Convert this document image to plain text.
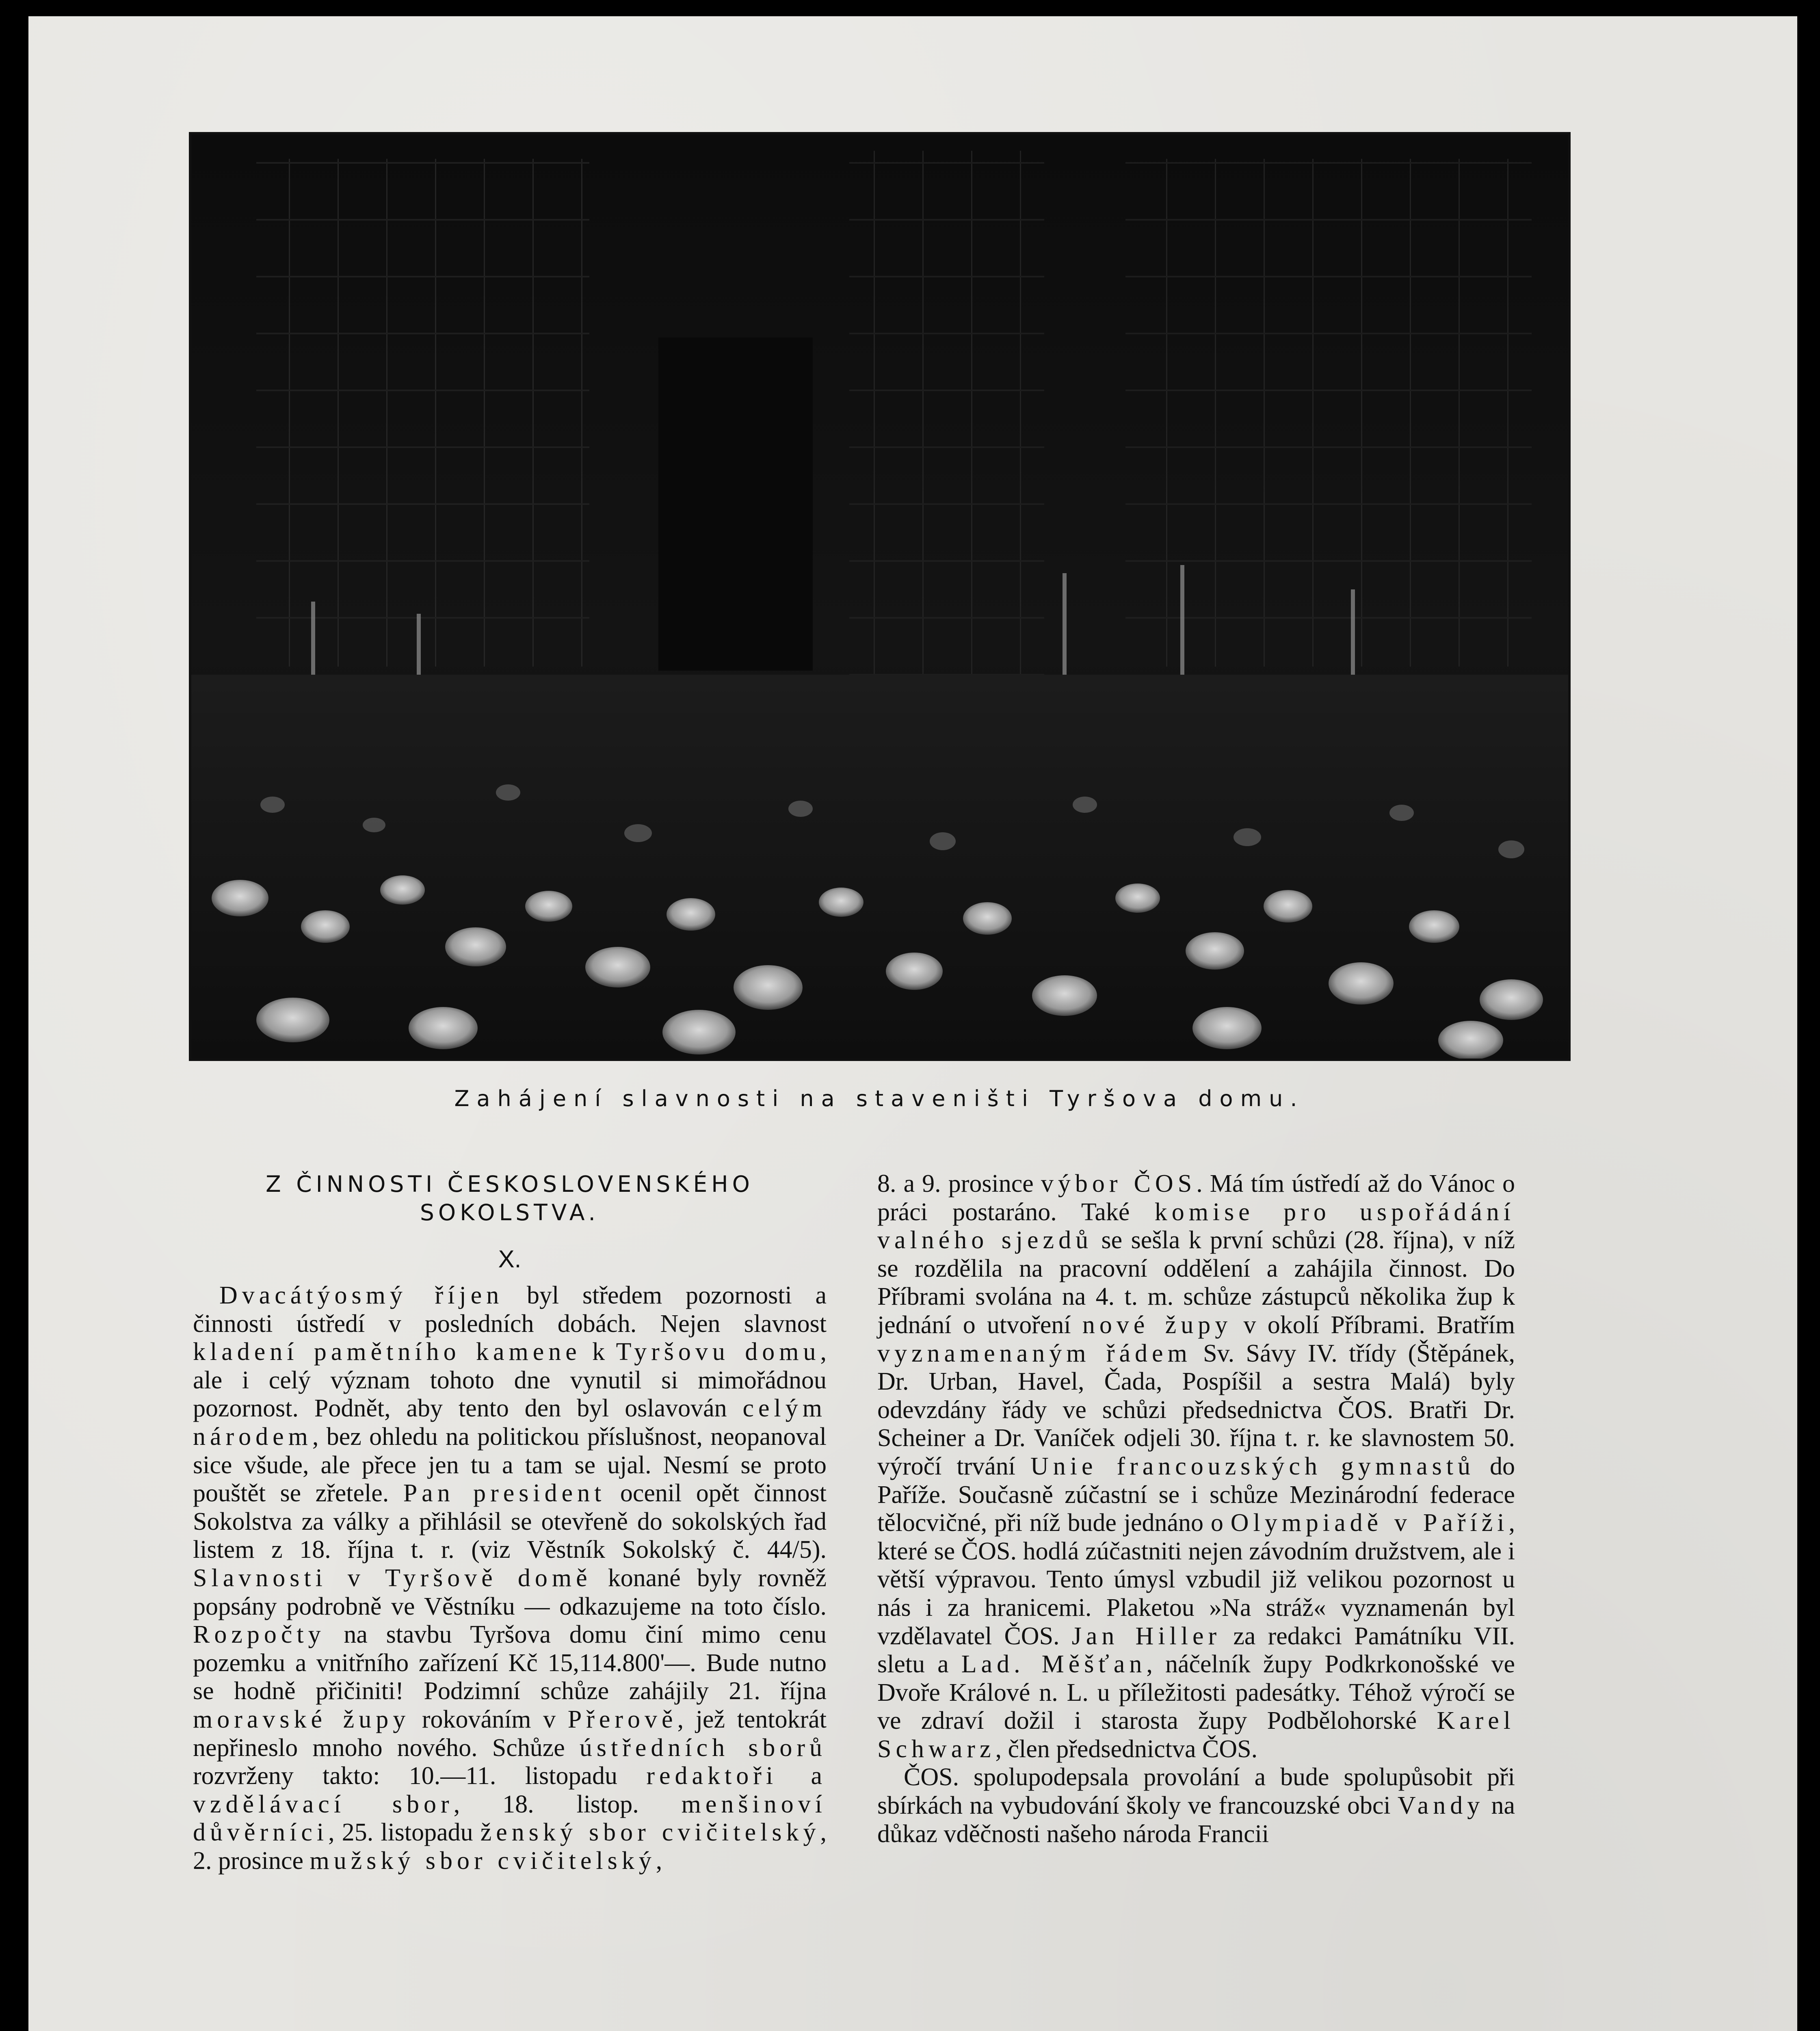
Zahájení slavnosti na staveništi Tyršova domu.

Z ČINNOSTI ČESKOSLOVENSKÉHO

SOKOLSTVA.

X.

Dvacátýosmý říjen byl středem pozornosti a činnosti ústředí v posledních dobách. Nejen slavnost kladení pamětního kamene k Tyršovu domu, ale i celý význam tohoto dne vynutil si mimořádnou pozornost. Podnět, aby tento den byl oslavován celým národem, bez ohledu na politickou příslušnost, neopanoval sice všude, ale přece jen tu a tam se ujal. Nesmí se proto pouštět se zřetele. Pan president ocenil opět činnost Sokolstva za války a přihlásil se otevřeně do sokolských řad listem z 18. října t. r. (viz Věstník Sokolský č. 44/5). Slavnosti v Tyršově domě konané byly rovněž popsány podrobně ve Věstníku — odkazujeme na toto číslo. Rozpočty na stavbu Tyršova domu činí mimo cenu pozemku a vnitřního zařízení Kč 15,114.800'—. Bude nutno se hodně přičiniti! Podzimní schůze zahájily 21. října moravské župy rokováním v Přerově, jež tentokrát nepřineslo mnoho nového. Schůze ústředních sborů rozvrženy takto: 10.—11. listopadu redaktoři a vzdělávací sbor, 18. listop. menšinoví důvěrníci, 25. listopadu ženský sbor cvičitelský, 2. prosince mužský sbor cvičitelský,

8. a 9. prosince výbor ČOS. Má tím ústředí až do Vánoc o práci postaráno. Také komise pro uspořádání valného sjezdů se sešla k první schůzi (28. října), v níž se rozdělila na pracovní oddělení a zahájila činnost. Do Příbrami svolána na 4. t. m. schůze zástupců několika žup k jednání o utvoření nové župy v okolí Příbrami. Bratřím vyznamenaným řádem Sv. Sávy IV. třídy (Štěpánek, Dr. Urban, Havel, Čada, Pospíšil a sestra Malá) byly odevzdány řády ve schůzi předsednictva ČOS. Bratři Dr. Scheiner a Dr. Vaníček odjeli 30. října t. r. ke slavnostem 50. výročí trvání Unie francouzských gymnastů do Paříže. Současně zúčastní se i schůze Mezinárodní federace tělocvičné, při níž bude jednáno o Olympiadě v Paříži, které se ČOS. hodlá zúčastniti nejen závodním družstvem, ale i větší výpravou. Tento úmysl vzbudil již velikou pozornost u nás i za hranicemi. Plaketou »Na stráž« vyznamenán byl vzdělavatel ČOS. Jan Hiller za redakci Památníku VII. sletu a Lad. Měšťan, náčelník župy Podkrkonošské ve Dvoře Králové n. L. u příležitosti padesátky. Téhož výročí se ve zdraví dožil i starosta župy Podbělohorské Karel Schwarz, člen předsednictva ČOS.

ČOS. spolupodepsala provolání a bude spolupůsobit při sbírkách na vybudování školy ve francouzské obci Vandy na důkaz vděčnosti našeho národa Francii
